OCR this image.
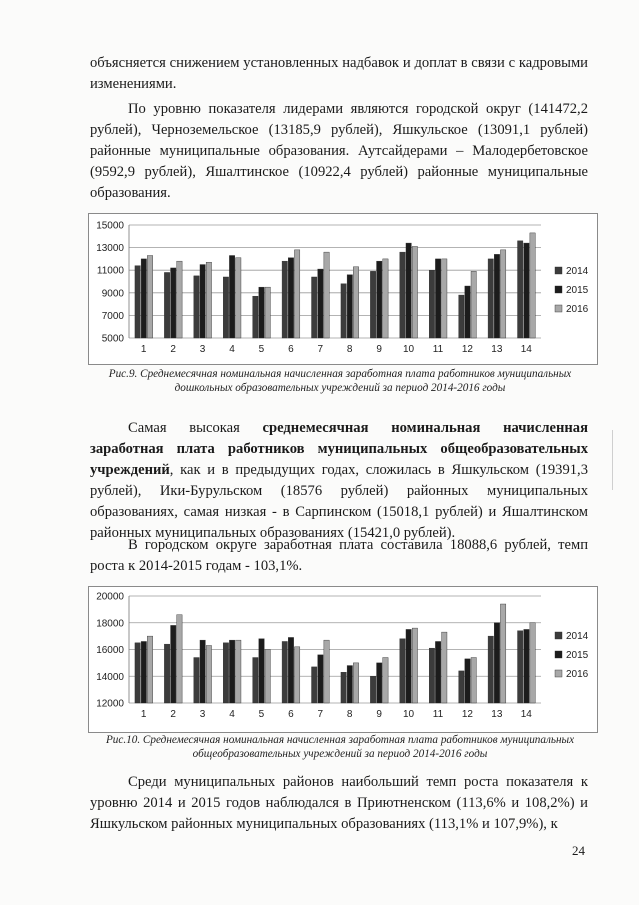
объясняется снижением установленных надбавок и доплат в связи с кадровыми изменениями.

По уровню показателя лидерами являются городской округ (141472,2 рублей), Черноземельское (13185,9 рублей), Яшкульское (13091,1 рублей) районные муниципальные образования. Аутсайдерами – Малодербетовское (9592,9 рублей), Яшалтинское (10922,4 рублей) районные муниципальные образования.

5000
7000
9000
11000
13000
15000
1 2 3 4 5 6 7 8 9 10 11 12 13 14
2014
2015
2016
Рис.9. Среднемесячная номинальная начисленная заработная плата работников муниципальных дошкольных образовательных учреждений за период 2014-2016 годы

Самая высокая среднемесячная номинальная начисленная заработная плата работников муниципальных общеобразовательных учреждений, как и в предыдущих годах, сложилась в Яшкульском (19391,3 рублей), Ики-Бурульском (18576 рублей) районных муниципальных образованиях, самая низкая - в Сарпинском (15018,1 рублей) и Яшалтинском районных муниципальных образованиях (15421,0 рублей).

В городском округе заработная плата составила 18088,6 рублей, темп роста к 2014-2015 годам - 103,1%.

12000
14000
16000
18000
20000
1 2 3 4 5 6 7 8 9 10 11 12 13 14
2014
2015
2016
Рис.10. Среднемесячная номинальная начисленная заработная плата работников муниципальных общеобразовательных учреждений за период 2014-2016 годы

Среди муниципальных районов наибольший темп роста показателя к уровню 2014 и 2015 годов наблюдался в Приютненском (113,6% и 108,2%) и Яшкульском районных муниципальных образованиях (113,1% и 107,9%), к

24
